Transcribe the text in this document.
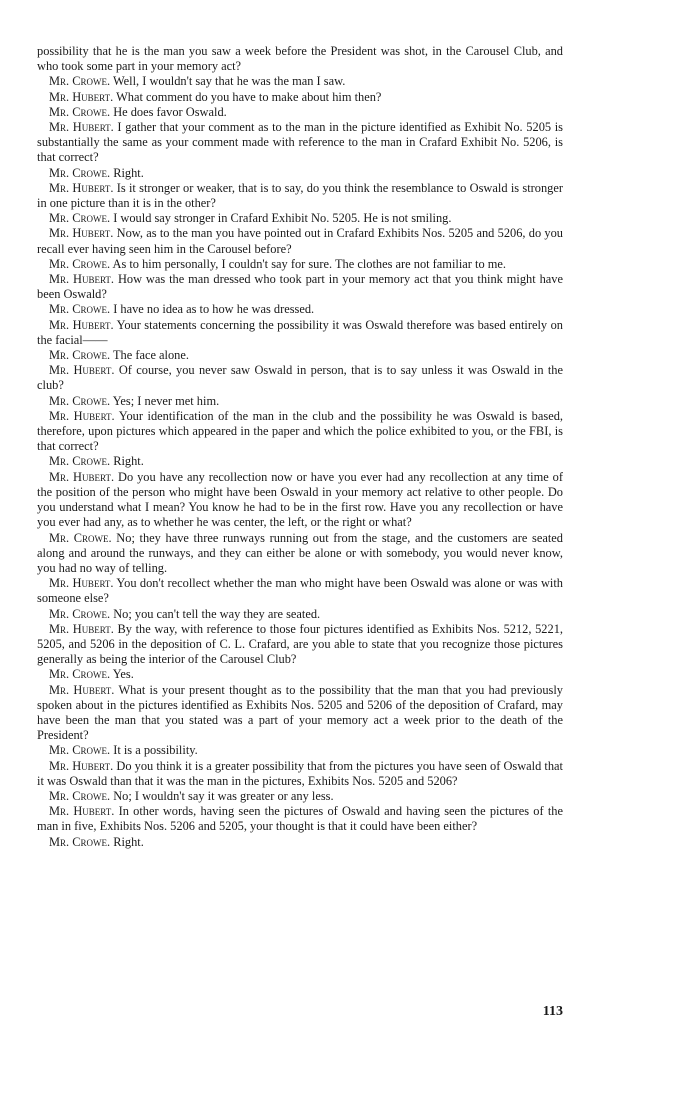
possibility that he is the man you saw a week before the President was shot, in the Carousel Club, and who took some part in your memory act?

Mr. Crowe. Well, I wouldn't say that he was the man I saw.

Mr. Hubert. What comment do you have to make about him then?

Mr. Crowe. He does favor Oswald.

Mr. Hubert. I gather that your comment as to the man in the picture identified as Exhibit No. 5205 is substantially the same as your comment made with reference to the man in Crafard Exhibit No. 5206, is that correct?

Mr. Crowe. Right.

Mr. Hubert. Is it stronger or weaker, that is to say, do you think the resemblance to Oswald is stronger in one picture than it is in the other?

Mr. Crowe. I would say stronger in Crafard Exhibit No. 5205. He is not smiling.

Mr. Hubert. Now, as to the man you have pointed out in Crafard Exhibits Nos. 5205 and 5206, do you recall ever having seen him in the Carousel before?

Mr. Crowe. As to him personally, I couldn't say for sure. The clothes are not familiar to me.

Mr. Hubert. How was the man dressed who took part in your memory act that you think might have been Oswald?

Mr. Crowe. I have no idea as to how he was dressed.

Mr. Hubert. Your statements concerning the possibility it was Oswald therefore was based entirely on the facial——

Mr. Crowe. The face alone.

Mr. Hubert. Of course, you never saw Oswald in person, that is to say unless it was Oswald in the club?

Mr. Crowe. Yes; I never met him.

Mr. Hubert. Your identification of the man in the club and the possibility he was Oswald is based, therefore, upon pictures which appeared in the paper and which the police exhibited to you, or the FBI, is that correct?

Mr. Crowe. Right.

Mr. Hubert. Do you have any recollection now or have you ever had any recollection at any time of the position of the person who might have been Oswald in your memory act relative to other people. Do you understand what I mean? You know he had to be in the first row. Have you any recollection or have you ever had any, as to whether he was center, the left, or the right or what?

Mr. Crowe. No; they have three runways running out from the stage, and the customers are seated along and around the runways, and they can either be alone or with somebody, you would never know, you had no way of telling.

Mr. Hubert. You don't recollect whether the man who might have been Oswald was alone or was with someone else?

Mr. Crowe. No; you can't tell the way they are seated.

Mr. Hubert. By the way, with reference to those four pictures identified as Exhibits Nos. 5212, 5221, 5205, and 5206 in the deposition of C. L. Crafard, are you able to state that you recognize those pictures generally as being the interior of the Carousel Club?

Mr. Crowe. Yes.

Mr. Hubert. What is your present thought as to the possibility that the man that you had previously spoken about in the pictures identified as Exhibits Nos. 5205 and 5206 of the deposition of Crafard, may have been the man that you stated was a part of your memory act a week prior to the death of the President?

Mr. Crowe. It is a possibility.

Mr. Hubert. Do you think it is a greater possibility that from the pictures you have seen of Oswald that it was Oswald than that it was the man in the pictures, Exhibits Nos. 5205 and 5206?

Mr. Crowe. No; I wouldn't say it was greater or any less.

Mr. Hubert. In other words, having seen the pictures of Oswald and having seen the pictures of the man in five, Exhibits Nos. 5206 and 5205, your thought is that it could have been either?

Mr. Crowe. Right.

113
